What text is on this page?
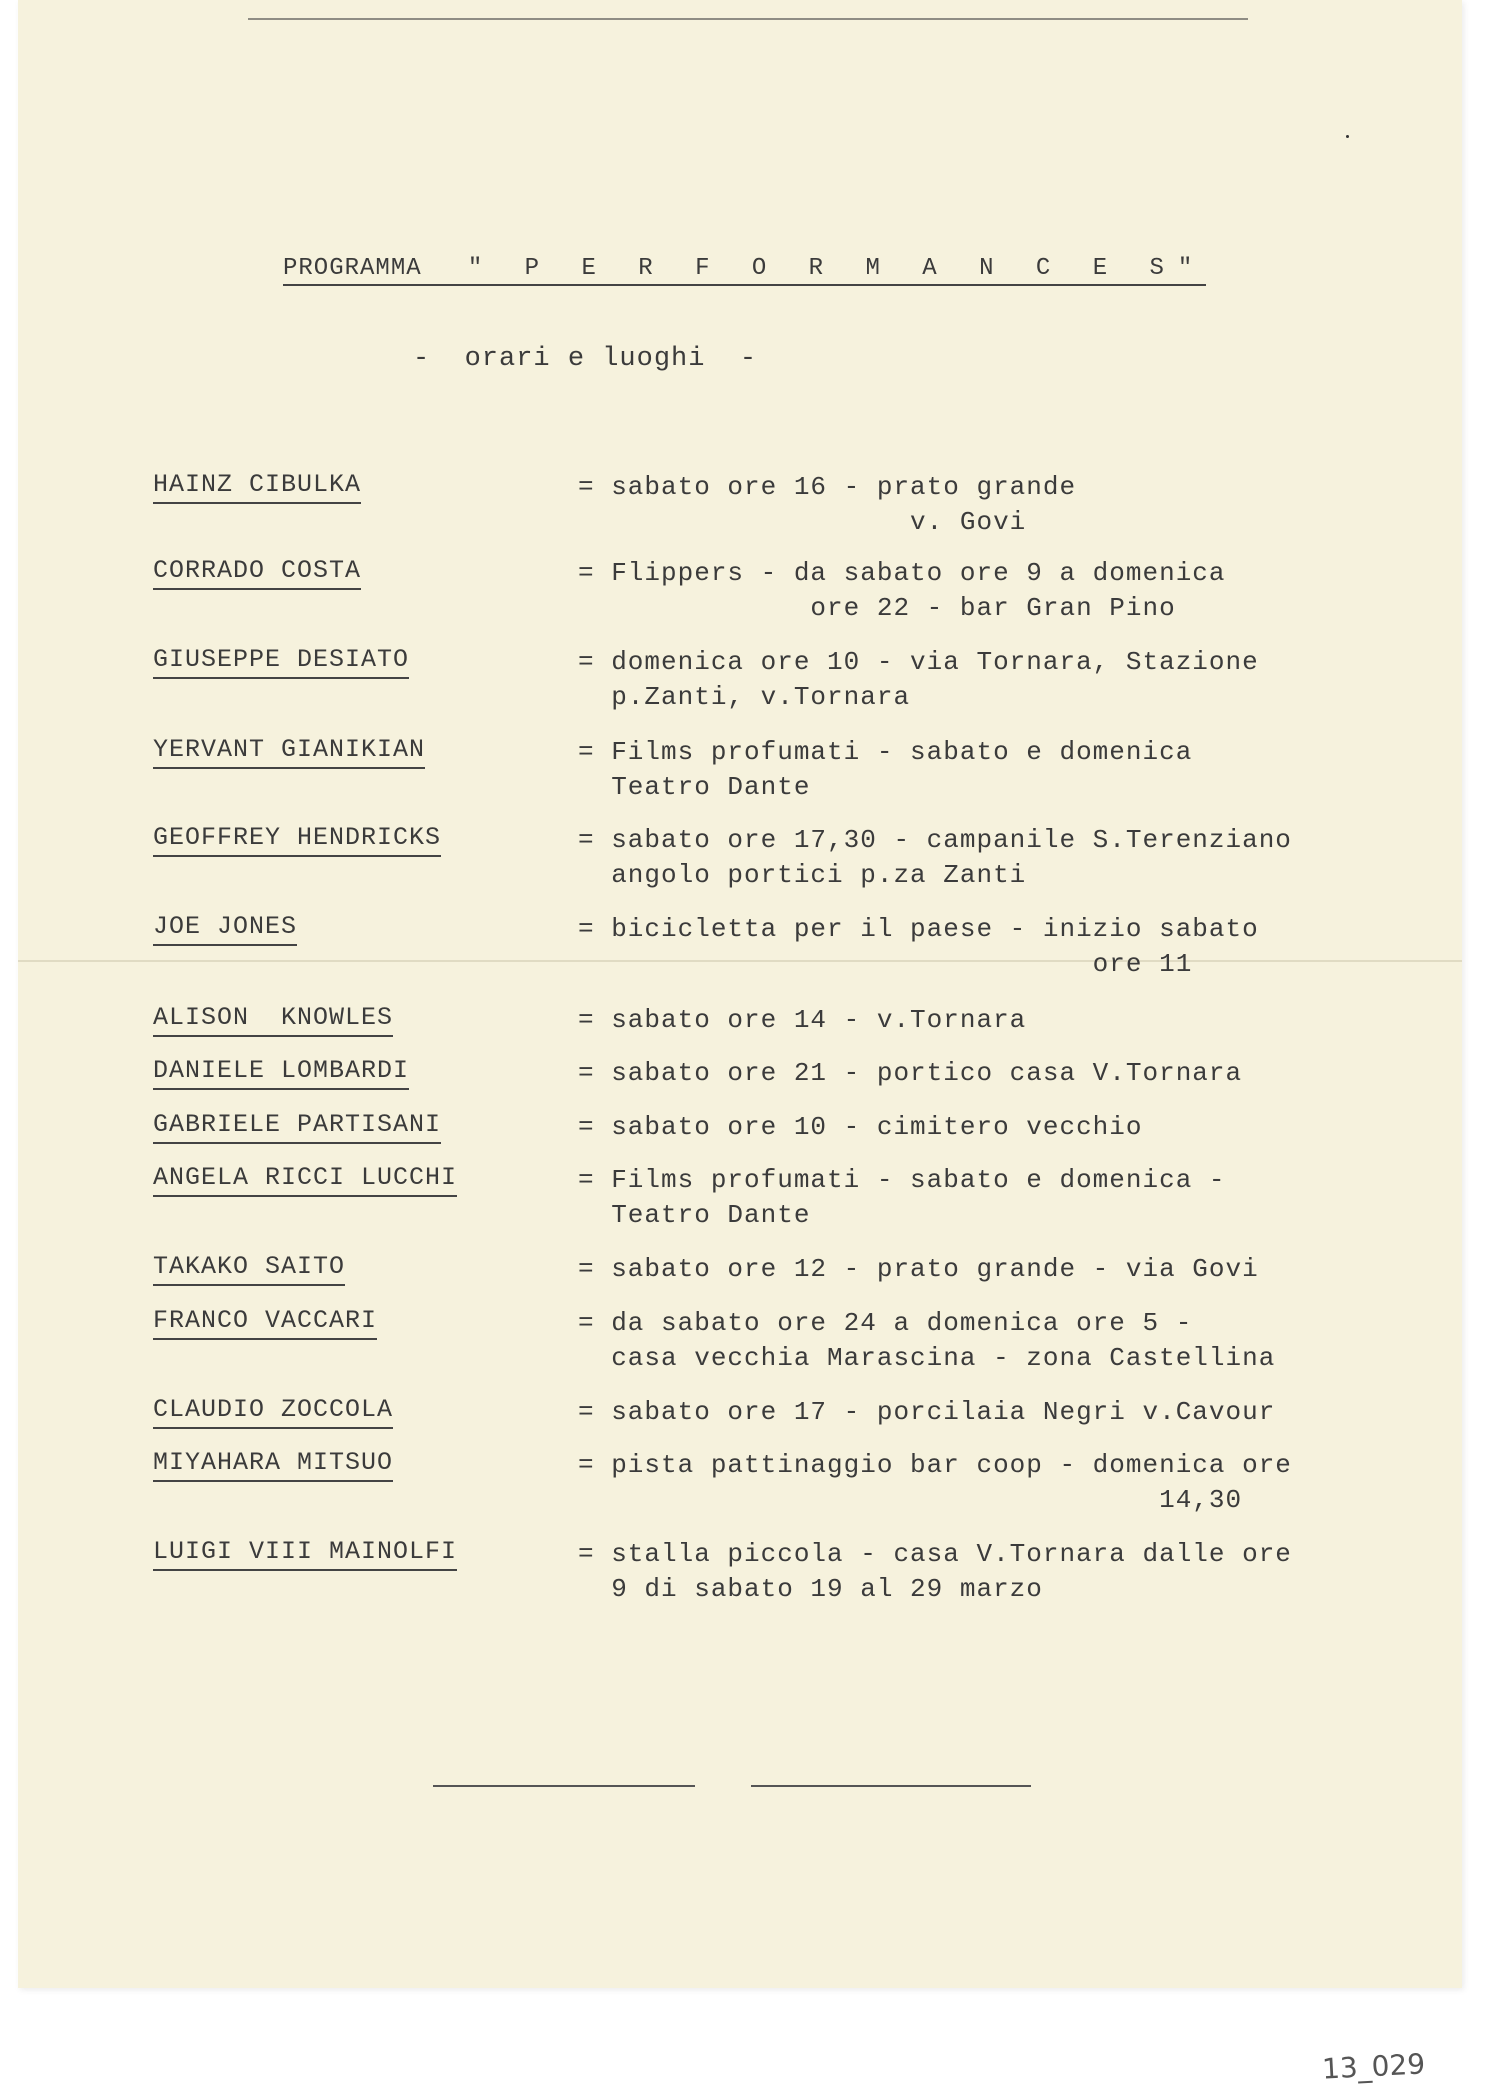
PROGRAMMA " P E R F O R M A N C E S"
-  orari e luoghi  -
HAINZ CIBULKA	= sabato ore 16 - prato grande
v. Govi
CORRADO COSTA	= Flippers - da sabato ore 9 a domenica
ore 22 - bar Gran Pino
GIUSEPPE DESIATO	= domenica ore 10 - via Tornara, Stazione
p.Zanti, v.Tornara
YERVANT GIANIKIAN	= Films profumati - sabato e domenica
Teatro Dante
GEOFFREY HENDRICKS	= sabato ore 17,30 - campanile S.Terenziano
angolo portici p.za Zanti
JOE JONES	= bicicletta per il paese - inizio sabato
ore 11
ALISON  KNOWLES	= sabato ore 14 - v.Tornara
DANIELE LOMBARDI	= sabato ore 21 - portico casa V.Tornara
GABRIELE PARTISANI	= sabato ore 10 - cimitero vecchio
ANGELA RICCI LUCCHI	= Films profumati - sabato e domenica -
Teatro Dante
TAKAKO SAITO	= sabato ore 12 - prato grande - via Govi
FRANCO VACCARI	= da sabato ore 24 a domenica ore 5 -
casa vecchia Marascina - zona Castellina
CLAUDIO ZOCCOLA	= sabato ore 17 - porcilaia Negri v.Cavour
MIYAHARA MITSUO	= pista pattinaggio bar coop - domenica ore
14,30
LUIGI VIII MAINOLFI	= stalla piccola - casa V.Tornara dalle ore
9 di sabato 19 al 29 marzo
13_029
